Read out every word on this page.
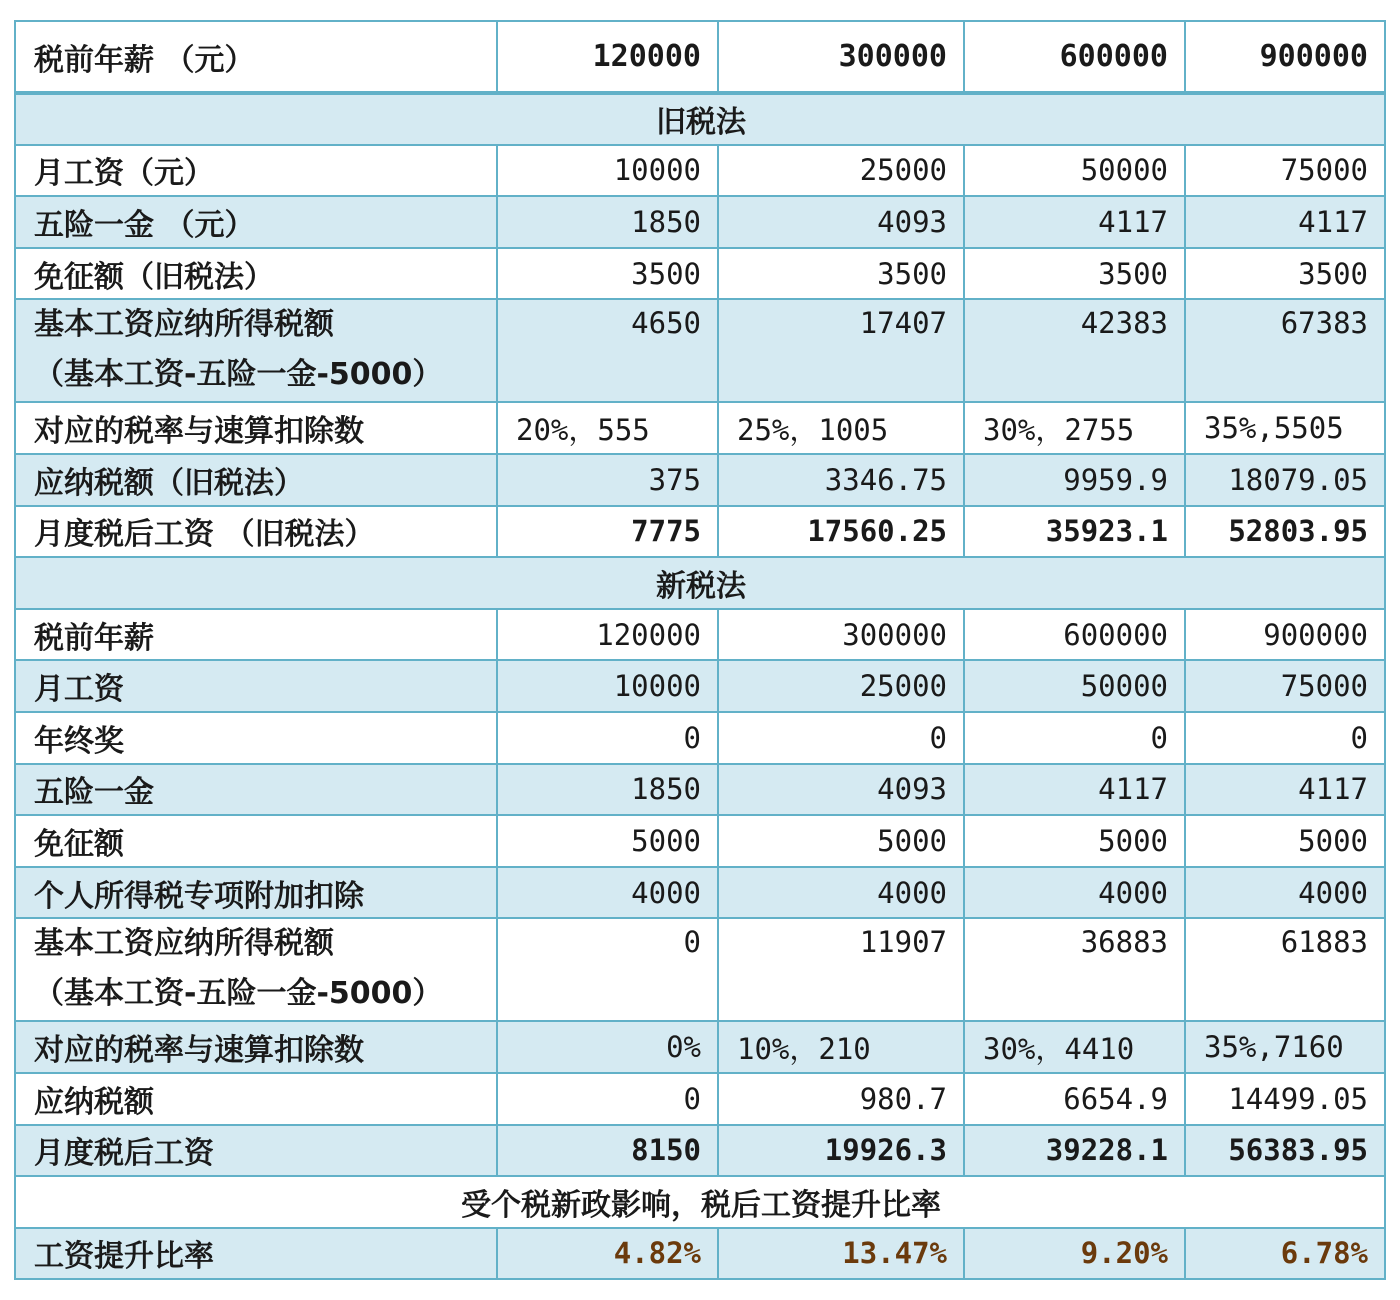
税前年薪 （元）	120000	300000	600000	900000
旧税法				
月工资（元）	10000	25000	50000	75000
五险一金 （元）	1850	4093	4117	4117
免征额（旧税法）	3500	3500	3500	3500

基本工资应纳所得税额
（基本工资-五险一金-5000）	4650	17407	42383	67383
对应的税率与速算扣除数	20%，555	25%，1005	30%，2755	35%,5505
应纳税额（旧税法）	375	3346.75	9959.9	18079.05
月度税后工资 （旧税法）	7775	17560.25	35923.1	52803.95
新税法				
税前年薪	120000	300000	600000	900000
月工资	10000	25000	50000	75000
年终奖	0	0	0	0
五险一金	1850	4093	4117	4117
免征额	5000	5000	5000	5000
个人所得税专项附加扣除	4000	4000	4000	4000

基本工资应纳所得税额
（基本工资-五险一金-5000）	0	11907	36883	61883
对应的税率与速算扣除数	0%	10%，210	30%，4410	35%,7160
应纳税额	0	980.7	6654.9	14499.05
月度税后工资	8150	19926.3	39228.1	56383.95
受个税新政影响，税后工资提升比率				
工资提升比率	4.82%	13.47%	9.20%	6.78%
